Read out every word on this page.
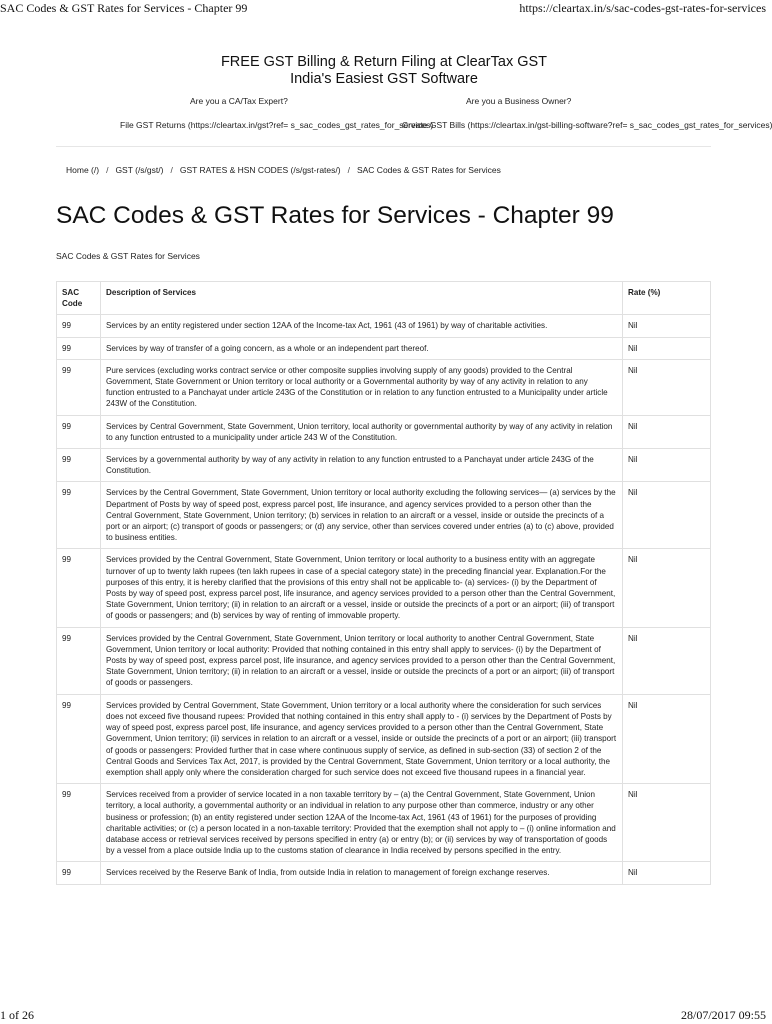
SAC Codes & GST Rates for Services - Chapter 99	https://cleartax.in/s/sac-codes-gst-rates-for-services
FREE GST Billing & Return Filing at ClearTax GST
India's Easiest GST Software
Are you a CA/Tax Expert?	Are you a Business Owner?
File GST Returns (https://cleartax.in/gst?ref= s_sac_codes_gst_rates_for_services)
Create GST Bills (https://cleartax.in/gst-billing-software?ref= s_sac_codes_gst_rates_for_services)
Home (/) / GST (/s/gst/) / GST RATES & HSN CODES (/s/gst-rates/) / SAC Codes & GST Rates for Services
SAC Codes & GST Rates for Services - Chapter 99
SAC Codes & GST Rates for Services
SAC
Code	Description of Services	Rate (%)
99	Services by an entity registered under section 12AA of the Income-tax Act, 1961 (43 of 1961) by way of charitable activities.	Nil
99	Services by way of transfer of a going concern, as a whole or an independent part thereof.	Nil
99	Pure services (excluding works contract service or other composite supplies involving supply of any goods) provided to the Central Government, State Government or Union territory or local authority or a Governmental authority by way of any activity in relation to any function entrusted to a Panchayat under article 243G of the Constitution or in relation to any function entrusted to a Municipality under article 243W of the Constitution.	Nil
99	Services by Central Government, State Government, Union territory, local authority or governmental authority by way of any activity in relation to any function entrusted to a municipality under article 243 W of the Constitution.	Nil
99	Services by a governmental authority by way of any activity in relation to any function entrusted to a Panchayat under article 243G of the Constitution.	Nil
99	Services by the Central Government, State Government, Union territory or local authority excluding the following services— (a) services by the Department of Posts by way of speed post, express parcel post, life insurance, and agency services provided to a person other than the Central Government, State Government, Union territory; (b) services in relation to an aircraft or a vessel, inside or outside the precincts of a port or an airport; (c) transport of goods or passengers; or (d) any service, other than services covered under entries (a) to (c) above, provided to business entities.	Nil
99	Services provided by the Central Government, State Government, Union territory or local authority to a business entity with an aggregate turnover of up to twenty lakh rupees (ten lakh rupees in case of a special category state) in the preceding financial year. Explanation.For the purposes of this entry, it is hereby clarified that the provisions of this entry shall not be applicable to- (a) services- (i) by the Department of Posts by way of speed post, express parcel post, life insurance, and agency services provided to a person other than the Central Government, State Government, Union territory; (ii) in relation to an aircraft or a vessel, inside or outside the precincts of a port or an airport; (iii) of transport of goods or passengers; and (b) services by way of renting of immovable property.	Nil
99	Services provided by the Central Government, State Government, Union territory or local authority to another Central Government, State Government, Union territory or local authority: Provided that nothing contained in this entry shall apply to services- (i) by the Department of Posts by way of speed post, express parcel post, life insurance, and agency services provided to a person other than the Central Government, State Government, Union territory; (ii) in relation to an aircraft or a vessel, inside or outside the precincts of a port or an airport; (iii) of transport of goods or passengers.	Nil
99	Services provided by Central Government, State Government, Union territory or a local authority where the consideration for such services does not exceed five thousand rupees: Provided that nothing contained in this entry shall apply to - (i) services by the Department of Posts by way of speed post, express parcel post, life insurance, and agency services provided to a person other than the Central Government, State Government, Union territory; (ii) services in relation to an aircraft or a vessel, inside or outside the precincts of a port or an airport; (iii) transport of goods or passengers: Provided further that in case where continuous supply of service, as defined in sub-section (33) of section 2 of the Central Goods and Services Tax Act, 2017, is provided by the Central Government, State Government, Union territory or a local authority, the exemption shall apply only where the consideration charged for such service does not exceed five thousand rupees in a financial year.	Nil
99	Services received from a provider of service located in a non taxable territory by – (a) the Central Government, State Government, Union territory, a local authority, a governmental authority or an individual in relation to any purpose other than commerce, industry or any other business or profession; (b) an entity registered under section 12AA of the Income-tax Act, 1961 (43 of 1961) for the purposes of providing charitable activities; or (c) a person located in a non-taxable territory: Provided that the exemption shall not apply to – (i) online information and database access or retrieval services received by persons specified in entry (a) or entry (b); or (ii) services by way of transportation of goods by a vessel from a place outside India up to the customs station of clearance in India received by persons specified in the entry.	Nil
99	Services received by the Reserve Bank of India, from outside India in relation to management of foreign exchange reserves.	Nil
1 of 26	28/07/2017 09:55
